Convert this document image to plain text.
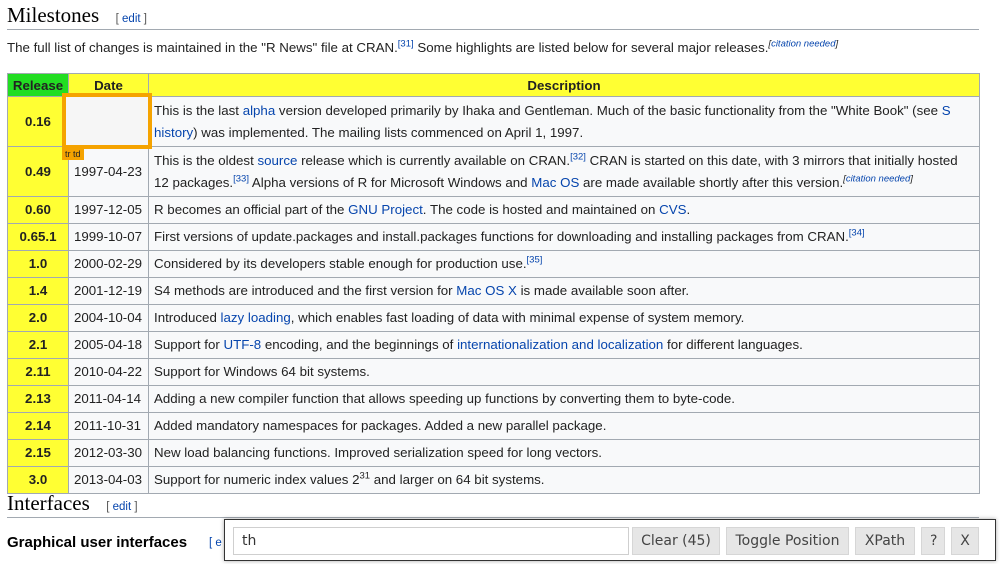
Milestones [ edit ]
The full list of changes is maintained in the "R News" file at CRAN.[31] Some highlights are listed below for several major releases.[citation needed]
Release	Date	Description
0.16		This is the last alpha version developed primarily by Ihaka and Gentleman. Much of the basic functionality from the "White Book" (see S history) was implemented. The mailing lists commenced on April 1, 1997.
0.49	1997-04-23	This is the oldest source release which is currently available on CRAN.[32] CRAN is started on this date, with 3 mirrors that initially hosted 12 packages.[33] Alpha versions of R for Microsoft Windows and Mac OS are made available shortly after this version.[citation needed]
0.60	1997-12-05	R becomes an official part of the GNU Project. The code is hosted and maintained on CVS.
0.65.1	1999-10-07	First versions of update.packages and install.packages functions for downloading and installing packages from CRAN.[34]
1.0	2000-02-29	Considered by its developers stable enough for production use.[35]
1.4	2001-12-19	S4 methods are introduced and the first version for Mac OS X is made available soon after.
2.0	2004-10-04	Introduced lazy loading, which enables fast loading of data with minimal expense of system memory.
2.1	2005-04-18	Support for UTF-8 encoding, and the beginnings of internationalization and localization for different languages.
2.11	2010-04-22	Support for Windows 64 bit systems.
2.13	2011-04-14	Adding a new compiler function that allows speeding up functions by converting them to byte-code.
2.14	2011-10-31	Added mandatory namespaces for packages. Added a new parallel package.
2.15	2012-03-30	New load balancing functions. Improved serialization speed for long vectors.
3.0	2013-04-03	Support for numeric index values $2^{31}$ and larger on 64 bit systems.
tr td
Interfaces [ edit ]
Graphical user interfaces [ e
th	Clear (45)	Toggle Position	XPath	?	X
